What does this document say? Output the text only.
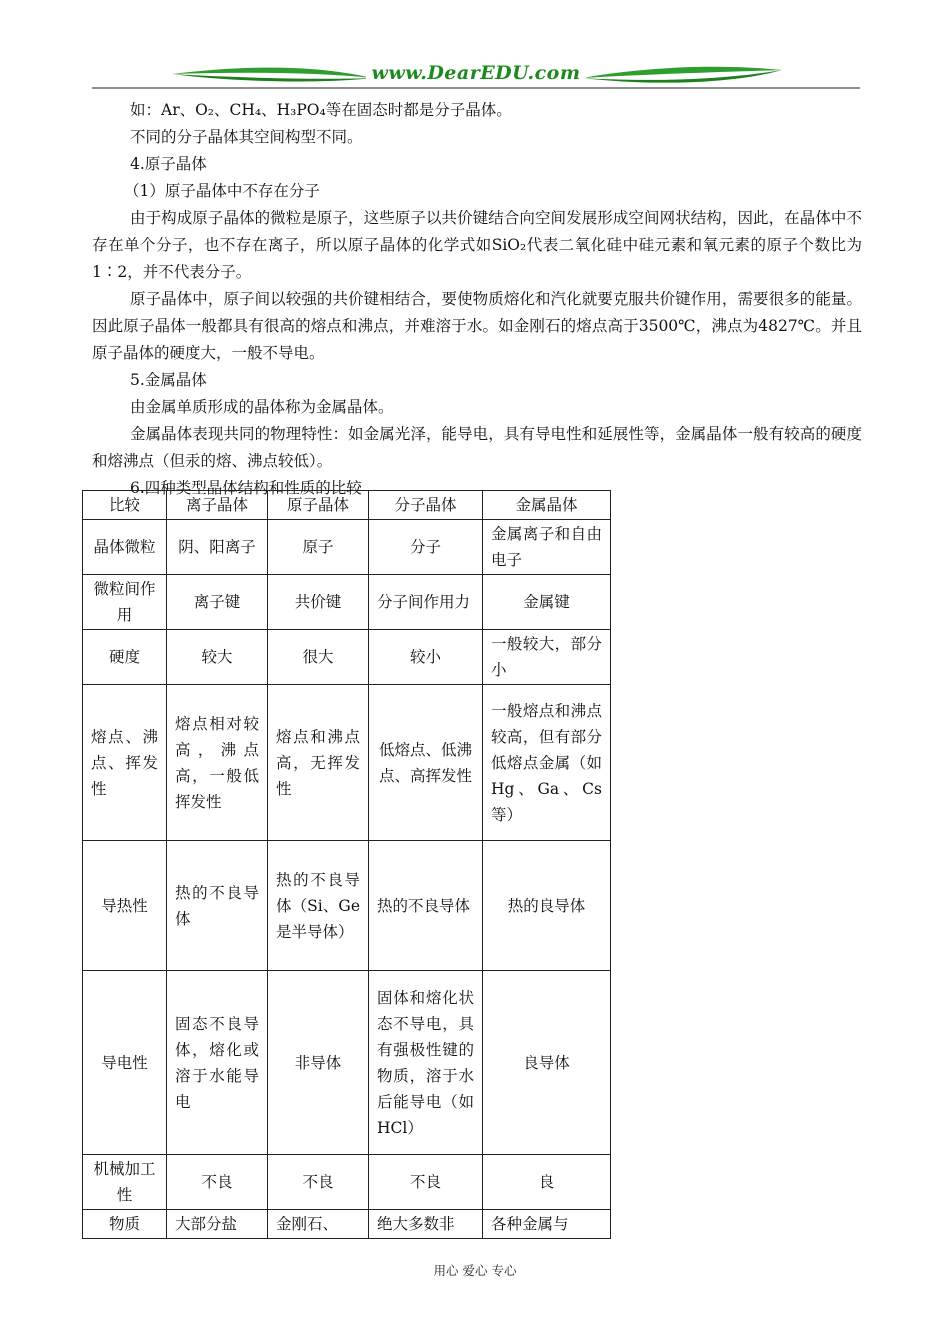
www.DearEDU.com

如：Ar、O₂、CH₄、H₃PO₄等在固态时都是分子晶体。

不同的分子晶体其空间构型不同。

4.原子晶体

（1）原子晶体中不存在分子

由于构成原子晶体的微粒是原子，这些原子以共价键结合向空间发展形成空间网状结构，因此，在晶体中不存在单个分子，也不存在离子，所以原子晶体的化学式如SiO₂代表二氧化硅中硅元素和氧元素的原子个数比为1∶2，并不代表分子。

原子晶体中，原子间以较强的共价键相结合，要使物质熔化和汽化就要克服共价键作用，需要很多的能量。因此原子晶体一般都具有很高的熔点和沸点，并难溶于水。如金刚石的熔点高于3500℃，沸点为4827℃。并且原子晶体的硬度大，一般不导电。

5.金属晶体

由金属单质形成的晶体称为金属晶体。

金属晶体表现共同的物理特性：如金属光泽，能导电，具有导电性和延展性等，金属晶体一般有较高的硬度和熔沸点（但汞的熔、沸点较低）。

6.四种类型晶体结构和性质的比较

比较	离子晶体	原子晶体	分子晶体	金属晶体
晶体微粒	阴、阳离子	原子	分子	金属离子和自由电子
微粒间作用	离子键	共价键	分子间作用力	金属键
硬度	较大	很大	较小	一般较大，部分小
熔点、沸点、挥发性	熔点相对较高，沸点高，一般低挥发性	熔点和沸点高，无挥发性	低熔点、低沸点、高挥发性	一般熔点和沸点较高，但有部分低熔点金属（如Hg、Ga、Cs等）
导热性	热的不良导体	热的不良导体（Si、Ge是半导体）	热的不良导体	热的良导体
导电性	固态不良导体，熔化或溶于水能导电	非导体	固体和熔化状态不导电，具有强极性键的物质，溶于水后能导电（如HCl）	良导体
机械加工性	不良	不良	不良	良
物质	大部分盐	金刚石、	绝大多数非	各种金属与
用心 爱心 专心
